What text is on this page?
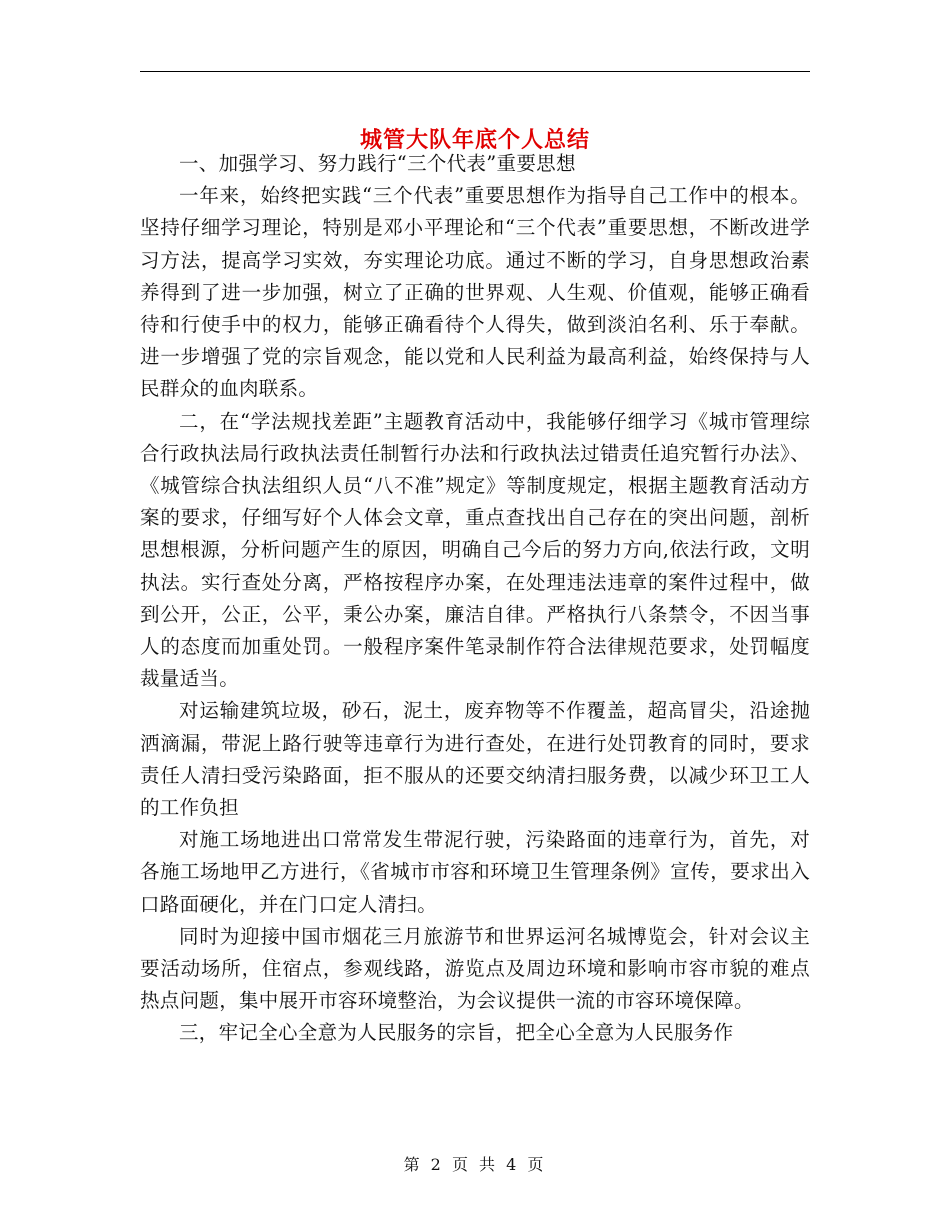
城管大队年底个人总结

一、加强学习、努力践行“三个代表”重要思想

一年来，始终把实践“三个代表”重要思想作为指导自己工作中的根本。坚持仔细学习理论，特别是邓小平理论和“三个代表”重要思想，不断改进学习方法，提高学习实效，夯实理论功底。通过不断的学习，自身思想政治素养得到了进一步加强，树立了正确的世界观、人生观、价值观，能够正确看待和行使手中的权力，能够正确看待个人得失，做到淡泊名利、乐于奉献。进一步增强了党的宗旨观念，能以党和人民利益为最高利益，始终保持与人民群众的血肉联系。

二，在“学法规找差距”主题教育活动中，我能够仔细学习《城市管理综合行政执法局行政执法责任制暂行办法和行政执法过错责任追究暂行办法》、《城管综合执法组织人员“八不准”规定》等制度规定，根据主题教育活动方案的要求，仔细写好个人体会文章，重点查找出自己存在的突出问题，剖析思想根源，分析问题产生的原因，明确自己今后的努力方向,依法行政，文明执法。实行查处分离，严格按程序办案，在处理违法违章的案件过程中，做到公开，公正，公平，秉公办案，廉洁自律。严格执行八条禁令，不因当事人的态度而加重处罚。一般程序案件笔录制作符合法律规范要求，处罚幅度裁量适当。

对运输建筑垃圾，砂石，泥土，废弃物等不作覆盖，超高冒尖，沿途抛洒滴漏，带泥上路行驶等违章行为进行查处，在进行处罚教育的同时，要求责任人清扫受污染路面，拒不服从的还要交纳清扫服务费，以减少环卫工人的工作负担

对施工场地进出口常常发生带泥行驶，污染路面的违章行为，首先，对各施工场地甲乙方进行，《省城市市容和环境卫生管理条例》宣传，要求出入口路面硬化，并在门口定人清扫。

同时为迎接中国市烟花三月旅游节和世界运河名城博览会，针对会议主要活动场所，住宿点，参观线路，游览点及周边环境和影响市容市貌的难点热点问题，集中展开市容环境整治，为会议提供一流的市容环境保障。

三，牢记全心全意为人民服务的宗旨，把全心全意为人民服务作

第 2 页 共 4 页
